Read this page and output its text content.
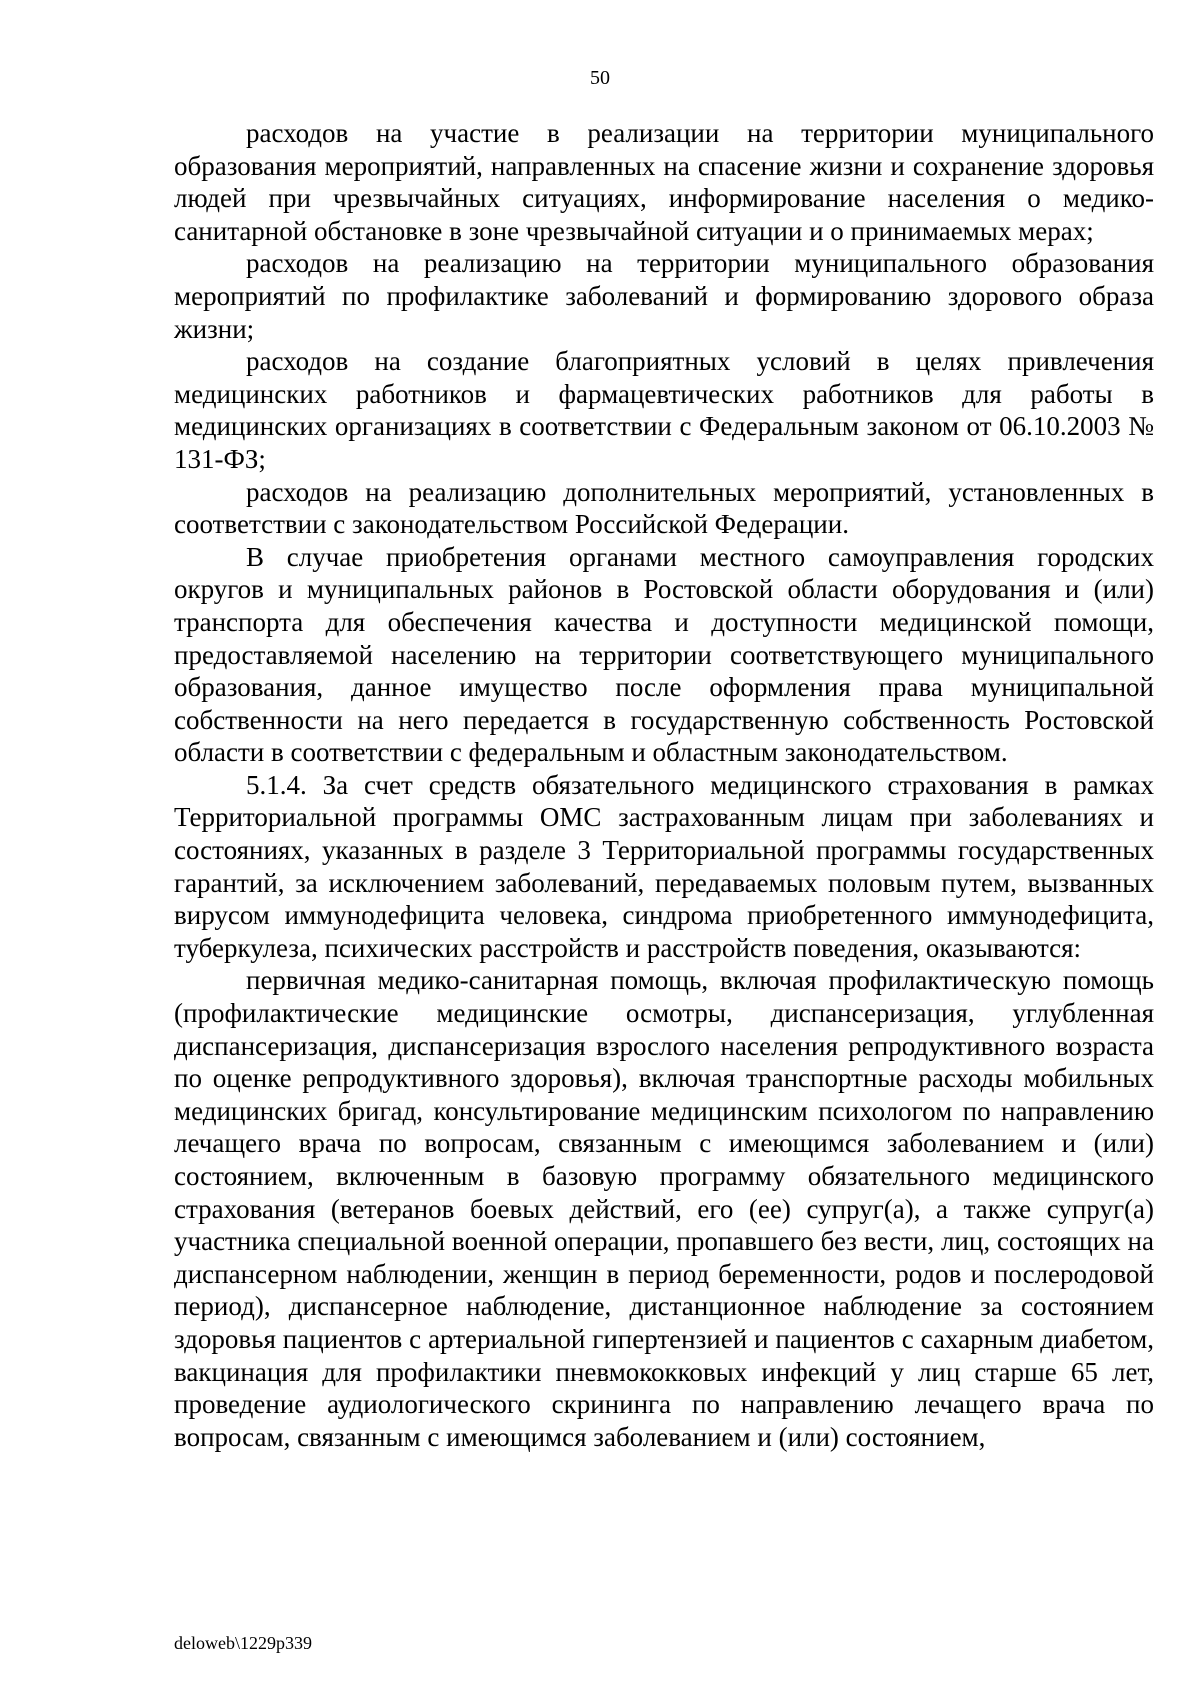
50

расходов на участие в реализации на территории муниципального образования мероприятий, направленных на спасение жизни и сохранение здоровья людей при чрезвычайных ситуациях, информирование населения о медико-санитарной обстановке в зоне чрезвычайной ситуации и о принимаемых мерах;

расходов на реализацию на территории муниципального образования мероприятий по профилактике заболеваний и формированию здорового образа жизни;

расходов на создание благоприятных условий в целях привлечения медицинских работников и фармацевтических работников для работы в медицинских организациях в соответствии с Федеральным законом от 06.10.2003 № 131-ФЗ;

расходов на реализацию дополнительных мероприятий, установленных в соответствии с законодательством Российской Федерации.

В случае приобретения органами местного самоуправления городских округов и муниципальных районов в Ростовской области оборудования и (или) транспорта для обеспечения качества и доступности медицинской помощи, предоставляемой населению на территории соответствующего муниципального образования, данное имущество после оформления права муниципальной собственности на него передается в государственную собственность Ростовской области в соответствии с федеральным и областным законодательством.

5.1.4. За счет средств обязательного медицинского страхования в рамках Территориальной программы ОМС застрахованным лицам при заболеваниях и состояниях, указанных в разделе 3 Территориальной программы государственных гарантий, за исключением заболеваний, передаваемых половым путем, вызванных вирусом иммунодефицита человека, синдрома приобретенного иммунодефицита, туберкулеза, психических расстройств и расстройств поведения, оказываются:

первичная медико-санитарная помощь, включая профилактическую помощь (профилактические медицинские осмотры, диспансеризация, углубленная диспансеризация, диспансеризация взрослого населения репродуктивного возраста по оценке репродуктивного здоровья), включая транспортные расходы мобильных медицинских бригад, консультирование медицинским психологом по направлению лечащего врача по вопросам, связанным с имеющимся заболеванием и (или) состоянием, включенным в базовую программу обязательного медицинского страхования (ветеранов боевых действий, его (ее) супруг(а), а также супруг(а) участника специальной военной операции, пропавшего без вести, лиц, состоящих на диспансерном наблюдении, женщин в период беременности, родов и послеродовой период), диспансерное наблюдение, дистанционное наблюдение за состоянием здоровья пациентов с артериальной гипертензией и пациентов с сахарным диабетом, вакцинация для профилактики пневмококковых инфекций у лиц старше 65 лет, проведение аудиологического скрининга по направлению лечащего врача по вопросам, связанным с имеющимся заболеванием и (или) состоянием,

deloweb\1229p339
